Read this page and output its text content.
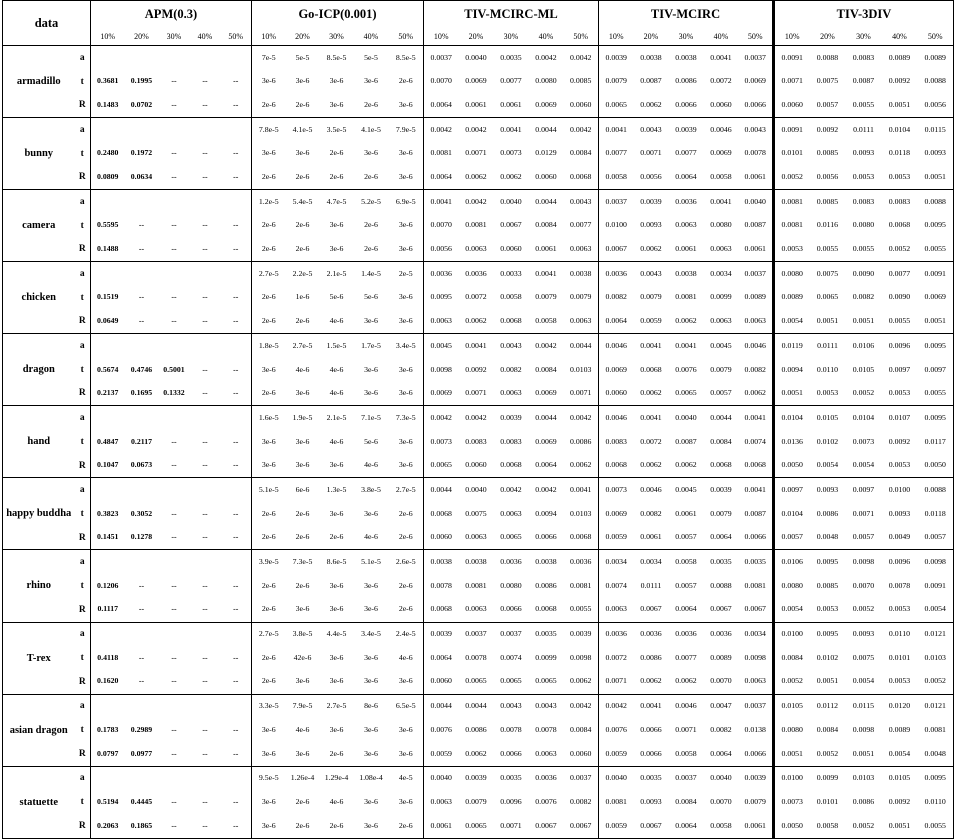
data		APM(0.3)					Go-ICP(0.001)					TIV-MCIRC-ML					TIV-MCIRC					TIV-3DIV				
		10%	20%	30%	40%	50%	10%	20%	30%	40%	50%	10%	20%	30%	40%	50%	10%	20%	30%	40%	50%	10%	20%	30%	40%	50%
armadillo	a						7e-5	5e-5	8.5e-5	5e-5	8.5e-5	0.0037	0.0040	0.0035	0.0042	0.0042	0.0039	0.0038	0.0038	0.0041	0.0037	0.0091	0.0088	0.0083	0.0089	0.0089
	t	0.3681	0.1995	--	--	--	3e-6	3e-6	3e-6	3e-6	2e-6	0.0070	0.0069	0.0077	0.0080	0.0085	0.0079	0.0087	0.0086	0.0072	0.0069	0.0071	0.0075	0.0087	0.0092	0.0088
	R	0.1483	0.0702	--	--	--	2e-6	2e-6	3e-6	2e-6	3e-6	0.0064	0.0061	0.0061	0.0069	0.0060	0.0065	0.0062	0.0066	0.0060	0.0066	0.0060	0.0057	0.0055	0.0051	0.0056
bunny	a						7.8e-5	4.1e-5	3.5e-5	4.1e-5	7.9e-5	0.0042	0.0042	0.0041	0.0044	0.0042	0.0041	0.0043	0.0039	0.0046	0.0043	0.0091	0.0092	0.0111	0.0104	0.0115
	t	0.2480	0.1972	--	--	--	3e-6	3e-6	2e-6	3e-6	3e-6	0.0081	0.0071	0.0073	0.0129	0.0084	0.0077	0.0071	0.0077	0.0069	0.0078	0.0101	0.0085	0.0093	0.0118	0.0093
	R	0.0809	0.0634	--	--	--	2e-6	2e-6	2e-6	2e-6	3e-6	0.0064	0.0062	0.0062	0.0060	0.0068	0.0058	0.0056	0.0064	0.0058	0.0061	0.0052	0.0056	0.0053	0.0053	0.0051
camera	a						1.2e-5	5.4e-5	4.7e-5	5.2e-5	6.9e-5	0.0041	0.0042	0.0040	0.0044	0.0043	0.0037	0.0039	0.0036	0.0041	0.0040	0.0081	0.0085	0.0083	0.0083	0.0088
	t	0.5595	--	--	--	--	2e-6	2e-6	3e-6	2e-6	3e-6	0.0070	0.0081	0.0067	0.0084	0.0077	0.0100	0.0093	0.0063	0.0080	0.0087	0.0081	0.0116	0.0080	0.0068	0.0095
	R	0.1488	--	--	--	--	2e-6	2e-6	3e-6	2e-6	3e-6	0.0056	0.0063	0.0060	0.0061	0.0063	0.0067	0.0062	0.0061	0.0063	0.0061	0.0053	0.0055	0.0055	0.0052	0.0055
chicken	a						2.7e-5	2.2e-5	2.1e-5	1.4e-5	2e-5	0.0036	0.0036	0.0033	0.0041	0.0038	0.0036	0.0043	0.0038	0.0034	0.0037	0.0080	0.0075	0.0090	0.0077	0.0091
	t	0.1519	--	--	--	--	2e-6	1e-6	5e-6	5e-6	3e-6	0.0095	0.0072	0.0058	0.0079	0.0079	0.0082	0.0079	0.0081	0.0099	0.0089	0.0089	0.0065	0.0082	0.0090	0.0069
	R	0.0649	--	--	--	--	2e-6	2e-6	4e-6	3e-6	3e-6	0.0063	0.0062	0.0068	0.0058	0.0063	0.0064	0.0059	0.0062	0.0063	0.0063	0.0054	0.0051	0.0051	0.0055	0.0051
dragon	a						1.8e-5	2.7e-5	1.5e-5	1.7e-5	3.4e-5	0.0045	0.0041	0.0043	0.0042	0.0044	0.0046	0.0041	0.0041	0.0045	0.0046	0.0119	0.0111	0.0106	0.0096	0.0095
	t	0.5674	0.4746	0.5001	--	--	3e-6	4e-6	4e-6	3e-6	3e-6	0.0098	0.0092	0.0082	0.0084	0.0103	0.0069	0.0068	0.0076	0.0079	0.0082	0.0094	0.0110	0.0105	0.0097	0.0097
	R	0.2137	0.1695	0.1332	--	--	2e-6	3e-6	4e-6	3e-6	3e-6	0.0069	0.0071	0.0063	0.0069	0.0071	0.0060	0.0062	0.0065	0.0057	0.0062	0.0051	0.0053	0.0052	0.0053	0.0055
hand	a						1.6e-5	1.9e-5	2.1e-5	7.1e-5	7.3e-5	0.0042	0.0042	0.0039	0.0044	0.0042	0.0046	0.0041	0.0040	0.0044	0.0041	0.0104	0.0105	0.0104	0.0107	0.0095
	t	0.4847	0.2117	--	--	--	3e-6	3e-6	4e-6	5e-6	3e-6	0.0073	0.0083	0.0083	0.0069	0.0086	0.0083	0.0072	0.0087	0.0084	0.0074	0.0136	0.0102	0.0073	0.0092	0.0117
	R	0.1047	0.0673	--	--	--	3e-6	3e-6	3e-6	4e-6	3e-6	0.0065	0.0060	0.0068	0.0064	0.0062	0.0068	0.0062	0.0062	0.0068	0.0068	0.0050	0.0054	0.0054	0.0053	0.0050
happy buddha	a						5.1e-5	6e-6	1.3e-5	3.8e-5	2.7e-5	0.0044	0.0040	0.0042	0.0042	0.0041	0.0073	0.0046	0.0045	0.0039	0.0041	0.0097	0.0093	0.0097	0.0100	0.0088
	t	0.3823	0.3052	--	--	--	2e-6	2e-6	3e-6	3e-6	2e-6	0.0068	0.0075	0.0063	0.0094	0.0103	0.0069	0.0082	0.0061	0.0079	0.0087	0.0104	0.0086	0.0071	0.0093	0.0118
	R	0.1451	0.1278	--	--	--	2e-6	2e-6	2e-6	4e-6	2e-6	0.0060	0.0063	0.0065	0.0066	0.0068	0.0059	0.0061	0.0057	0.0064	0.0066	0.0057	0.0048	0.0057	0.0049	0.0057
rhino	a						3.9e-5	7.3e-5	8.6e-5	5.1e-5	2.6e-5	0.0038	0.0038	0.0036	0.0038	0.0036	0.0034	0.0034	0.0058	0.0035	0.0035	0.0106	0.0095	0.0098	0.0096	0.0098
	t	0.1206	--	--	--	--	2e-6	2e-6	3e-6	3e-6	2e-6	0.0078	0.0081	0.0080	0.0086	0.0081	0.0074	0.0111	0.0057	0.0088	0.0081	0.0080	0.0085	0.0070	0.0078	0.0091
	R	0.1117	--	--	--	--	2e-6	3e-6	3e-6	3e-6	2e-6	0.0068	0.0063	0.0066	0.0068	0.0055	0.0063	0.0067	0.0064	0.0067	0.0067	0.0054	0.0053	0.0052	0.0053	0.0054
T-rex	a						2.7e-5	3.8e-5	4.4e-5	3.4e-5	2.4e-5	0.0039	0.0037	0.0037	0.0035	0.0039	0.0036	0.0036	0.0036	0.0036	0.0034	0.0100	0.0095	0.0093	0.0110	0.0121
	t	0.4118	--	--	--	--	2e-6	42e-6	3e-6	3e-6	4e-6	0.0064	0.0078	0.0074	0.0099	0.0098	0.0072	0.0086	0.0077	0.0089	0.0098	0.0084	0.0102	0.0075	0.0101	0.0103
	R	0.1620	--	--	--	--	2e-6	3e-6	3e-6	3e-6	3e-6	0.0060	0.0065	0.0065	0.0065	0.0062	0.0071	0.0062	0.0062	0.0070	0.0063	0.0052	0.0051	0.0054	0.0053	0.0052
asian dragon	a						3.3e-5	7.9e-5	2.7e-5	8e-6	6.5e-5	0.0044	0.0044	0.0043	0.0043	0.0042	0.0042	0.0041	0.0046	0.0047	0.0037	0.0105	0.0112	0.0115	0.0120	0.0121
	t	0.1783	0.2989	--	--	--	3e-6	4e-6	3e-6	3e-6	3e-6	0.0076	0.0086	0.0078	0.0078	0.0084	0.0076	0.0066	0.0071	0.0082	0.0138	0.0080	0.0084	0.0098	0.0089	0.0081
	R	0.0797	0.0977	--	--	--	3e-6	3e-6	2e-6	3e-6	3e-6	0.0059	0.0062	0.0066	0.0063	0.0060	0.0059	0.0066	0.0058	0.0064	0.0066	0.0051	0.0052	0.0051	0.0054	0.0048
statuette	a						9.5e-5	1.26e-4	1.29e-4	1.08e-4	4e-5	0.0040	0.0039	0.0035	0.0036	0.0037	0.0040	0.0035	0.0037	0.0040	0.0039	0.0100	0.0099	0.0103	0.0105	0.0095
	t	0.5194	0.4445	--	--	--	3e-6	2e-6	4e-6	3e-6	3e-6	0.0063	0.0079	0.0096	0.0076	0.0082	0.0081	0.0093	0.0084	0.0070	0.0079	0.0073	0.0101	0.0086	0.0092	0.0110
	R	0.2063	0.1865	--	--	--	3e-6	2e-6	2e-6	3e-6	2e-6	0.0061	0.0065	0.0071	0.0067	0.0067	0.0059	0.0067	0.0064	0.0058	0.0061	0.0050	0.0058	0.0052	0.0051	0.0055
